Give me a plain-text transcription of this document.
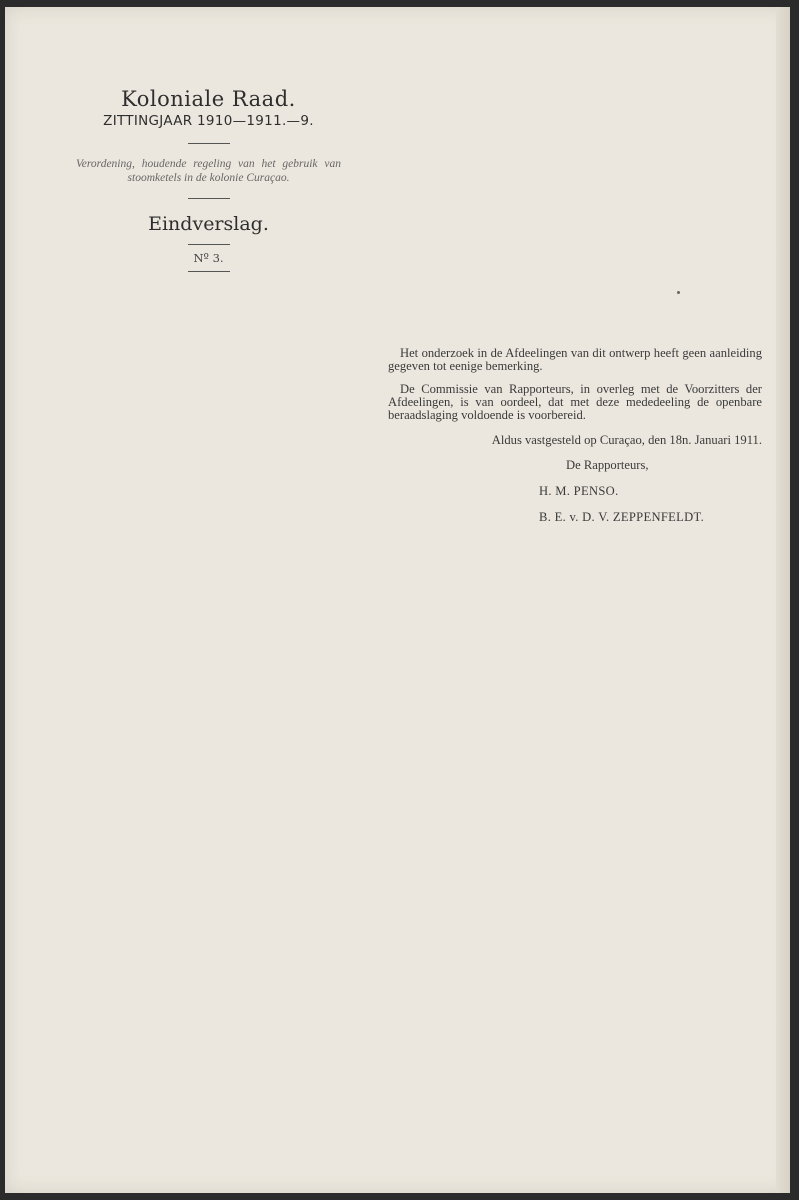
Koloniale Raad.
ZITTINGJAAR 1910—1911.—9.
Verordening, houdende regeling van het gebruik van stoomketels in de kolonie Curaçao.
Eindverslag.
Nº 3.

Het onderzoek in de Afdeelingen van dit ontwerp heeft geen aanleiding gegeven tot eenige bemerking.

De Commissie van Rapporteurs, in overleg met de Voorzitters der Afdeelingen, is van oordeel, dat met deze mededeeling de openbare beraadslaging voldoende is voorbereid.

Aldus vastgesteld op Curaçao, den 18n. Januari 1911.
De Rapporteurs,
H. M. PENSO.
B. E. v. D. V. ZEPPENFELDT.
